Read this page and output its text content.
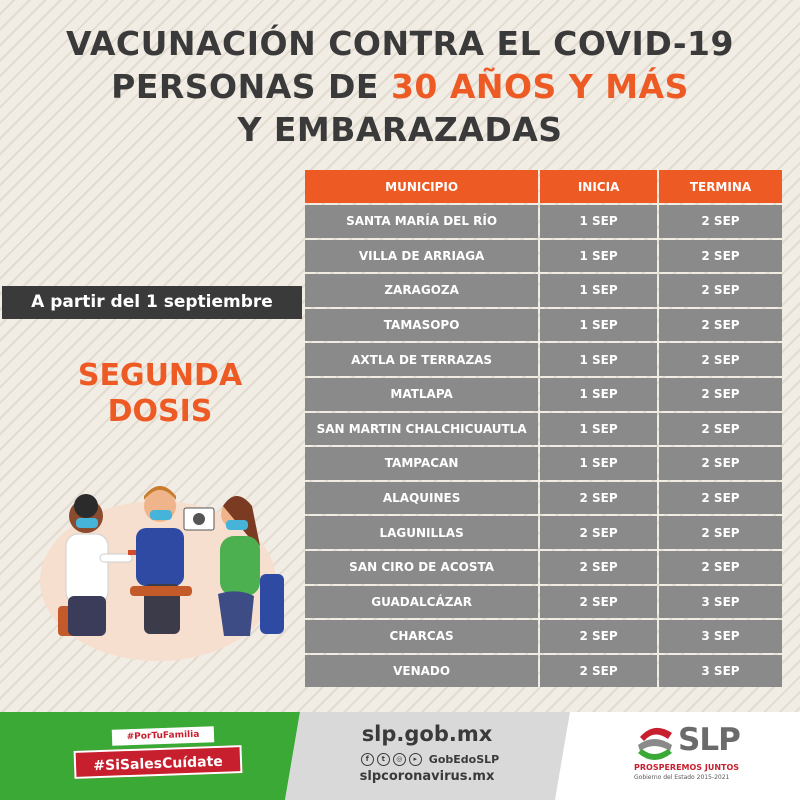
VACUNACIÓN CONTRA EL COVID-19
PERSONAS DE 30 AÑOS Y MÁS
Y EMBARAZADAS
MUNICIPIO	INICIA	TERMINA
SANTA MARÍA DEL RÍO	1 SEP	2 SEP
VILLA DE ARRIAGA	1 SEP	2 SEP
ZARAGOZA	1 SEP	2 SEP
TAMASOPO	1 SEP	2 SEP
AXTLA DE TERRAZAS	1 SEP	2 SEP
MATLAPA	1 SEP	2 SEP
SAN MARTIN CHALCHICUAUTLA	1 SEP	2 SEP
TAMPACAN	1 SEP	2 SEP
ALAQUINES	2 SEP	2 SEP
LAGUNILLAS	2 SEP	2 SEP
SAN CIRO DE ACOSTA	2 SEP	2 SEP
GUADALCÁZAR	2 SEP	3 SEP
CHARCAS	2 SEP	3 SEP
VENADO	2 SEP	3 SEP
A partir del 1 septiembre
SEGUNDA
DOSIS
#PorTuFamilia
#SiSalesCuídate
slp.gob.mx
f	t	◎	▸	GobEdoSLP
slpcoronavirus.mx
SLP
PROSPEREMOS JUNTOS
Gobierno del Estado 2015-2021
